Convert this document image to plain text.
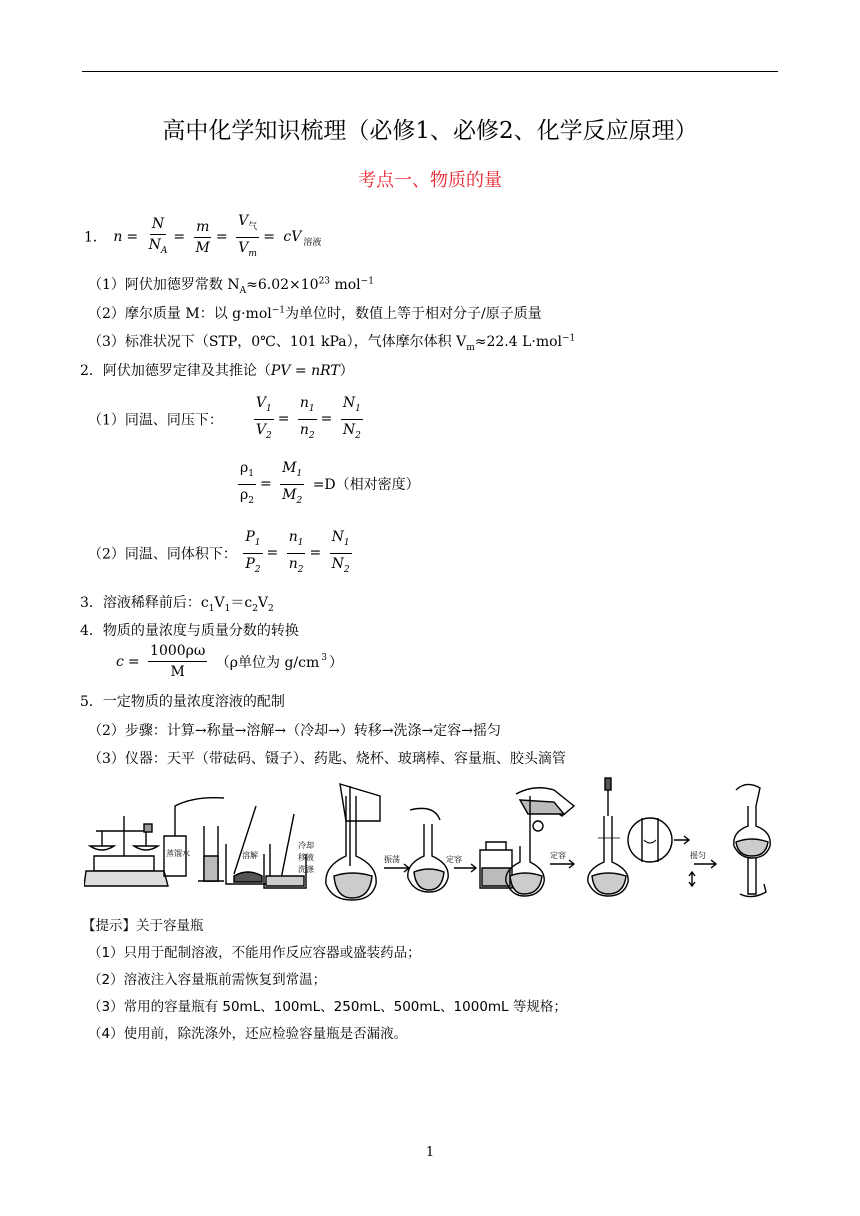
高中化学知识梳理（必修1、必修2、化学反应原理）
考点一、物质的量
1． $n = \frac{N}{N_A} = \frac{m}{M} = \frac{V_气}{V_m}$ = cV $_{溶液}$
（1）阿伏加德罗常数 $N_A\approx 6.02\times 10^{23}$ mol$^{-1}$
（2）摩尔质量 M：以 g·mol$^{-1}$为单位时，数值上等于相对分子/原子质量
（3）标准状况下（STP，0℃、101 kPa），气体摩尔体积 $V_m\approx 22.4$ L·mol$^{-1}$
2．阿伏加德罗定律及其推论（PV = nRT）
（1）同温、同压下： $\frac{V_1}{V_2} = \frac{n_1}{n_2} = \frac{N_1}{N_2}$
$\frac{\rho_1}{\rho_2} = \frac{M_1}{M_2} =D$（相对密度）
（2）同温、同体积下： $\frac{P_1}{P_2} = \frac{n_1}{n_2} = \frac{N_1}{N_2}$
3．溶液稀释前后：$c_1V_1=c_2V_2$
4．物质的量浓度与质量分数的转换
$c = \frac{1000\rho\omega}{M} (\rho$单位为 g/cm $^3$ ）
5．一定物质的量浓度溶液的配制
（2）步骤：计算→称量→溶解→（冷却→）转移→洗涤→定容→摇匀
（3）仪器：天平（带砝码、镊子）、药匙、烧杯、玻璃棒、容量瓶、胶头滴管
蒸馏水	溶解
冷却
移液
洗涤
振荡	定容	定容	摇匀
【提示】关于容量瓶
（1）只用于配制溶液，不能用作反应容器或盛装药品；
（2）溶液注入容量瓶前需恢复到常温；
（3）常用的容量瓶有 50mL、100mL、250mL、500mL、1000mL 等规格；
（4）使用前，除洗涤外，还应检验容量瓶是否漏液。
1
